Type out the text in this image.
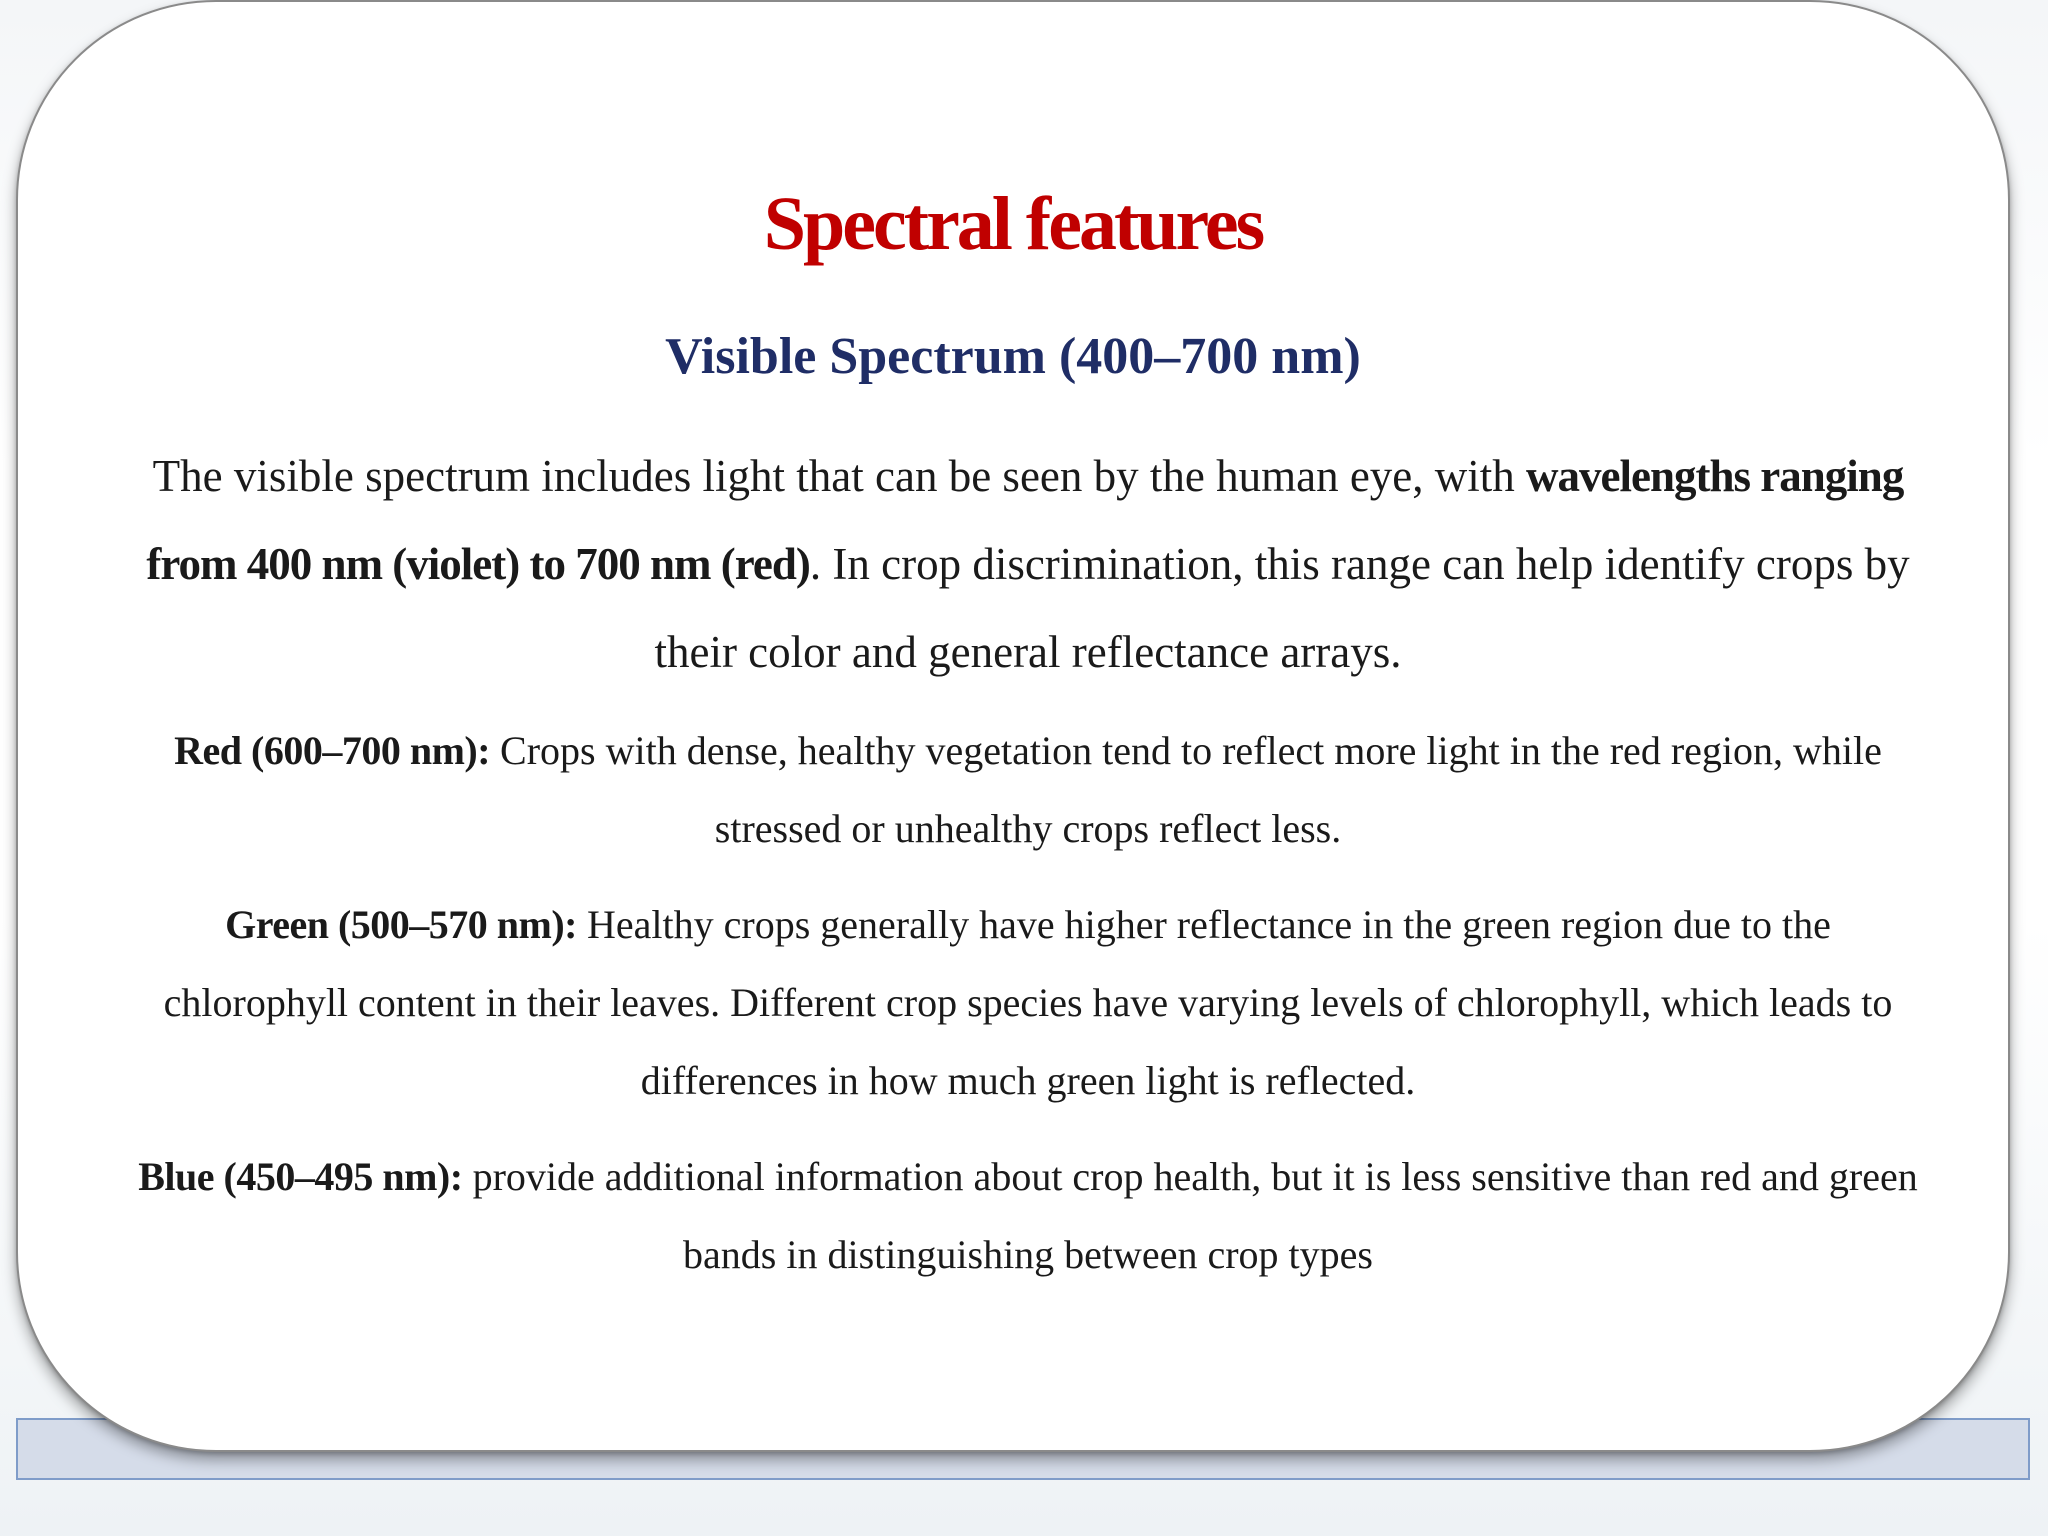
Spectral features
Visible Spectrum (400–700 nm)
The visible spectrum includes light that can be seen by the human eye, with wavelengths ranging from 400 nm (violet) to 700 nm (red). In crop discrimination, this range can help identify crops by their color and general reflectance arrays.
Red (600–700 nm): Crops with dense, healthy vegetation tend to reflect more light in the red region, while stressed or unhealthy crops reflect less.
Green (500–570 nm): Healthy crops generally have higher reflectance in the green region due to the chlorophyll content in their leaves. Different crop species have varying levels of chlorophyll, which leads to differences in how much green light is reflected.
Blue (450–495 nm): provide additional information about crop health, but it is less sensitive than red and green bands in distinguishing between crop types
